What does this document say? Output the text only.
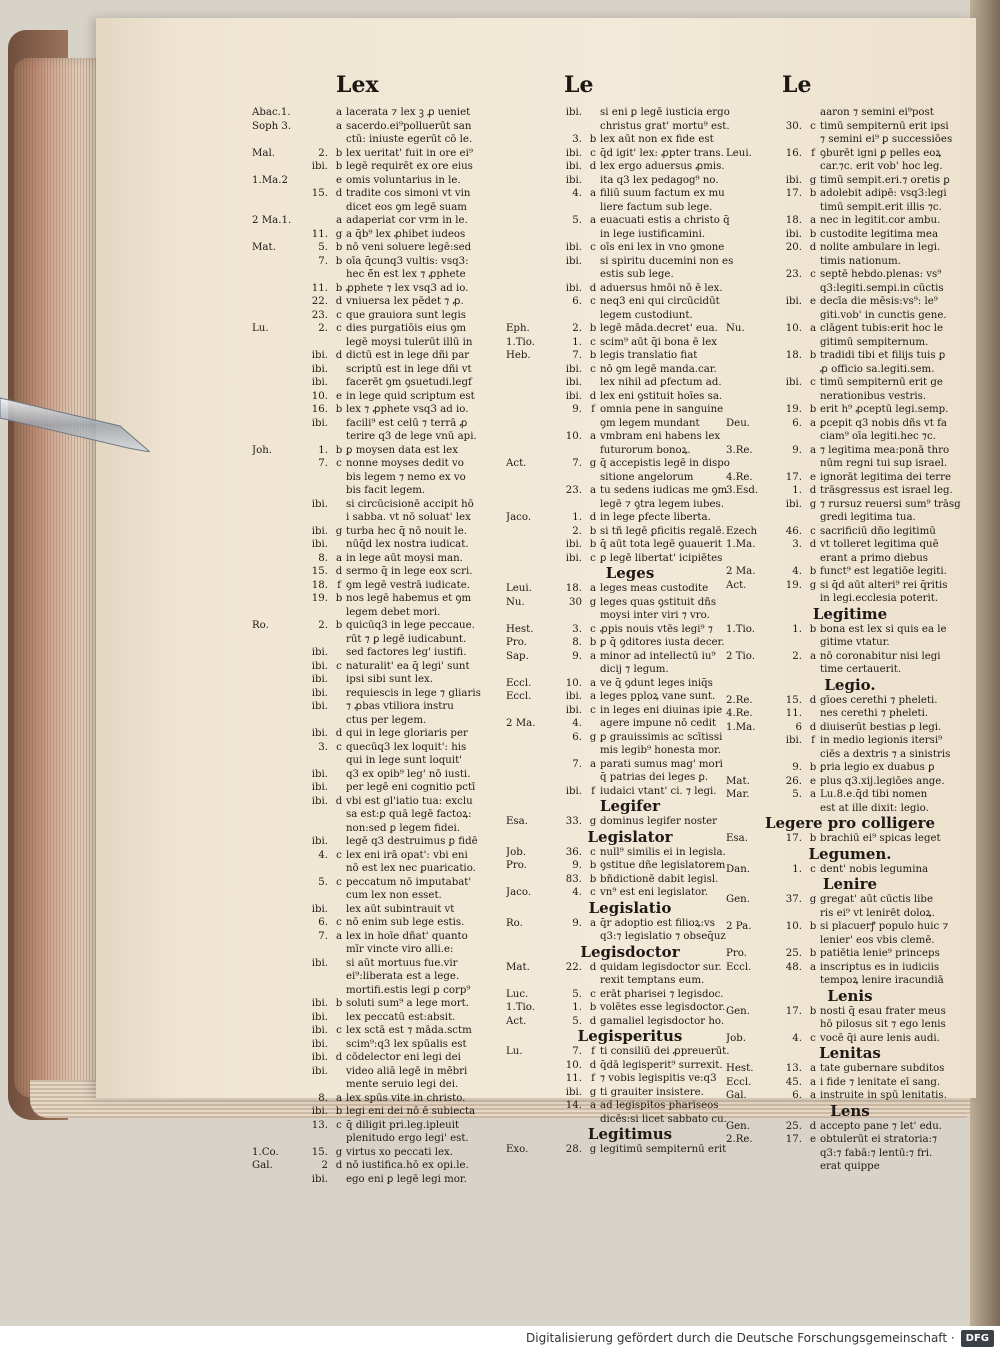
Lex	Le	Le
Abac.1.	a lacerata ⁊ lex ꝫ ꝓ ueniet
Soph 3.	a sacerdo.ei⁹polluerūt san
ctū: iniuste egerūt cō le.
Mal.	2. b lex ueritat' fuit in ore ei⁹
ibi. b legē requirēt ex ore eius
1.Ma.2	e omis voluntarius in le.
15. d tradite cos simoni vt vin
dicet eos ꝯm legē suam
2 Ma.1.	a adaperiat cor vrm in le.
11. g a q̄b⁹ lex ꝓhibet iudeos
Mat.	5. b nō veni soluere legē:sed
7. b oīa q̄cunq3 vultis: vsq3:
hec ē̄n est lex ⁊ ꝓphete
11. b ꝓphete ⁊ lex vsq3 ad io.
22. d vniuersa lex pēdet ⁊ ꝓ.
23. c que grauiora sunt legis
Lu.	2. c dies purgatiōis eius ꝯm
legē moysi tulerūt illū in
ibi. d dictū est in lege dñi par
ibi.	scriptū est in lege dñi vt
ibi.	facerēt ꝯm ꝯsuetudi.legf
10. e in lege quid scriptum est
16. b lex ⁊ ꝓphete vsq3 ad io.
ibi.	facili⁹ est celū ⁊ terrā ꝓ
terire q3 de lege vnū api.
Joh.	1. b ꝑ moysen data est lex
7. c nonne moyses dedit vo
bis legem ⁊ nemo ex vo
bis facit legem.
ibi.	si circūcisionē accipit hō
i sabba. vt nō soluat' lex
ibi. g turba hec q̄ nō nouit le.
ibi.	nūq̄d lex nostra iudicat.
8. a in lege aūt moysi man.
15. d sermo q̄ in lege eox scri.
18. f ꝯm legē vestrā iudicate.
19. b nos legē habemus et ꝯm
legem debet mori.
Ro.	2. b quicūq3 in lege peccaue.
rūt ⁊ ꝑ legē iudicabunt.
ibi.	sed factores leg' iustifi.
ibi. c naturalit' ea q̄ legi' sunt
ibi.	ipsi sibi sunt lex.
ibi.	requiescis in lege ⁊ gliaris
ibi.	⁊ ꝓbas vtiliora instru
ctus per legem.
ibi. d qui in lege gloriaris per
3. c quecūq3 lex loquit': his
qui in lege sunt loquit'
ibi.	q3 ex opib⁹ leg' nō iusti.
ibi.	per legē eni cognitio pctī
ibi. d vbi est gl'iatio tua: exclu
sa est:ꝑ quā legē factoꝝ:
non:sed ꝑ legem fidei.
ibi.	legē q3 destruimus ꝑ fidē
4. c lex eni irā opat': vbi eni
nō est lex nec ꝑuaricatio.
5. c peccatum nō imputabat'
cum lex non esset.
ibi.	lex aūt subintrauit vt
6. c nō enim sub lege estis.
7. a lex in hoīe dñat' quanto
mīr vincte viro alli.e:
ibi.	si aūt mortuus fue.vir
ei⁹:liberata est a lege.
mortifi.estis legi ꝑ corp⁹
ibi. b soluti sum⁹ a lege mort.
ibi.	lex peccatū est:absit.
ibi. c lex sctā est ⁊ māda.sctm
ibi.	scim⁹:q3 lex spūalis est
ibi. d cōdelector eni legi dei
ibi.	video aliā legē in mēbri
mente seruio legi dei.
8. a lex spūs vite in christo.
ibi. b legi eni dei nō ē subiecta
13. c q̄ diligit pri.leg.ipleuit
plenitudo ergo legi' est.
1.Co.	15. g virtus xo peccati lex.
Gal.	2 d nō iustifica.hō ex opi.le.
ibi.	ego eni ꝑ legē legi mor.
ibi.	si eni ꝑ legē iusticia ergo
christus grat' mortu⁹ est.
3. b lex aūt non ex fide est
ibi. c q̄d igit' lex: ꝓpter trans.
ibi. d lex ergo aduersus ꝓmis.
ibi.	ita q3 lex pedagog⁹ no.
4. a filiū suum factum ex mu
liere factum sub lege.
5. a euacuati estis a christo q̄
in lege iustificamini.
ibi. c oīs eni lex in vno ꝯmone
ibi.	si spiritu ducemini non es
estis sub lege.
ibi. d aduersus hmōi nō ē lex.
6. c neq3 eni qui circūcidūt
legem custodiunt.
Eph.	2. b legē māda.decret' eua.
1.Tio.	1. c scim⁹ aūt q̄i bona ē lex
Heb.	7. b legis translatio fiat
ibi. c nō ꝯm legē manda.car.
ibi.	lex nihil ad ꝑfectum ad.
ibi. d lex eni ꝯstituit hoīes sa.
9. f omnia pene in sanguine
ꝯm legem mundant
10. a vmbram eni habens lex
futurorum bonoꝝ.
Act.	7. g q̄ accepistis legē in dispo
sitione angelorum
23. a tu sedens iudicas me ꝯm
legē ⁊ ꝯtra legem iubes.
Jaco.	1. d in lege ꝑfecte liberta.
2. b si tñ legē ꝑficitis regalē.
ibi. b q̄ aūt tota legē ꝯuauerit
ibi. c ꝑ legē libertat' icipiētes
Leges
Leui.	18. a leges meas custodite
Nu.	30 g leges quas ꝯstituit dñs
moysi inter viri ⁊ vro.
Hest.	3. c ꝓpis nouis vtēs legi⁹ ⁊
Pro.	8. b ꝑ q̄ ꝯditores iusta decer.
Sap.	9. a minor ad intellectū iu⁹
dicij ⁊ legum.
Eccl.	10. a ve q̄ ꝯdunt leges iniq̄s
Eccl.	ibi. a leges pploꝝ vane sunt.
ibi. c in leges eni diuinas ipie
2 Ma.	4.	agere impune nō cedit
6. g ꝑ grauissimis ac scītissi
mis legib⁹ honesta mor.
7. a parati sumus mag' mori
q̄ patrias dei leges ꝑ.
ibi. f iudaici vtant' ci. ⁊ legi.
Legifer
Esa.	33. g dominus legifer noster
Legislator
Job.	36. c null⁹ similis ei in legisla.
Pro.	9. b ꝯstitue dñe legislatorem
83. b bñdictionē dabit legisl.
Jaco.	4. c vn⁹ est eni legislator.
Legislatio
Ro.	9. a q̄r adoptio est filioꝝ:vs
q3:⁊ legislatio ⁊ obseq̄uz
Legisdoctor
Mat.	22. d quidam legisdoctor sur.
rexit temptans eum.
Luc.	5. c erāt pharisei ⁊ legisdoc.
1.Tio.	1. b volētes esse legisdoctor.
Act.	5. d gamaliel legisdoctor ho.
Legisperitus
Lu.	7. f ti consiliū dei ꝓpreuerūt.
10. d q̄dā legisperit⁹ surrexit.
11. f ⁊ vobis legispitis ve:q3
ibi. g ti grauiter insistere.
14. a ad legispitos phariseos
dicēs:si licet sabbato cu.
Legitimus
Exo.	28. g legitimū sempiternū erit
aaron ⁊ semini ei⁹post
30. c timū sempiternū erit ipsi
⁊ semini ei⁹ ꝑ successiōes
Leui.	16. f ꝯburēt igni ꝑ pelles eoꝝ
car.⁊c. erit vob' hoc leg.
ibi. g timū sempit.eri.⁊ oretis ꝑ
17. b adolebit adipē: vsq3:legi
timū sempit.erit illis ⁊c.
18. a nec in legitit.cor ambu.
ibi. b custodite legitima mea
20. d nolite ambulare in legi.
timis nationum.
23. c septē hebdo.plenas: vs⁹
q3:legiti.sempi.in cūctis
ibi. e decīa die mēsis:vs⁹: le⁹
giti.vob' in cunctis gene.
Nu.	10. a clāgent tubis:erit hoc le
gitimū sempiternum.
18. b tradidi tibi et filijs tuis ꝑ
ꝓ officio sa.legiti.sem.
ibi. c timū sempiternū erit ge
nerationibus vestris.
19. b erit h⁹ ꝓceptū legi.semp.
Deu.	6. a ꝑcepit q3 nobis dñs vt fa
ciam⁹ oīa legiti.hec ⁊c.
3.Re.	9. a ⁊ legitima mea:ponā thro
nūm regni tui sup israel.
4.Re.	17. e ignorāt legitima dei terre
3.Esd.	1. d trāsgressus est israel leg.
ibi. g ⁊ rursuz reuersi sum⁹ trāsg
gredi legitima tua.
Ezech	46. c sacrificiū dño legitimū
1.Ma.	3. d vt tolleret legitima quē
erant a primo diebus
2 Ma.	4. b funct⁹ est legatiōe legiti.
Act.	19. g si q̄d aūt alteri⁹ rei q̄ritis
in legi.ecclesia poterit.
Legitime
1.Tio.	1. b bona est lex si quis ea le
gitime vtatur.
2 Tio.	2. a nō coronabitur nisi legi
time certauerit.
Legio.
2.Re.	15. d gīoes cerethi ⁊ pheleti.
4.Re.	11.	nes cerethi ⁊ pheleti.
1.Ma.	6 d diuiserūt bestias ꝑ legi.
ibi. f in medio legionis itersi⁹
ciēs a dextris ⁊ a sinistris
9. b ꝑria legio ex duabus ꝑ
Mat.	26. e plus q3.xij.legiōes ange.
Mar.	5. a Lu.8.e.q̄d tibi nomen
est at ille dixit: legio.
Legere pro colligere
Esa.	17. b brachiū ei⁹ spicas leget
Legumen.
Dan.	1. c dent' nobis legumina
Lenire
Gen.	37. g gregat' aūt cūctis libe
ris ei⁹ vt lenirēt doloꝝ.
2 Pa.	10. b si placuerꝭ populo huic ⁊
lenier' eos vbis clemē.
Pro.	25. b patiētia lenie⁹ princeps
Eccl.	48. a inscriptus es in iudiciis
tempoꝝ lenire iracundiā
Lenis
Gen.	17. b nosti q̄ esau frater meus
hō pilosus sit ⁊ ego lenis
Job.	4. c vocē q̄i aure lenis audi.
Lenitas
Hest.	13. a tate gubernare subditos
Eccl.	45. a i fide ⁊ lenitate eī sang.
Gal.	6. a instruite in spū lenitatis.
Lens
Gen.	25. d accepto pane ⁊ let' edu.
2.Re.	17. e obtulerūt ei stratoria:⁊
q3:⁊ fabā:⁊ lentū:⁊ fri.
erat quippe
Digitalisierung gefördert durch die Deutsche Forschungsgemeinschaft ·	DFG
